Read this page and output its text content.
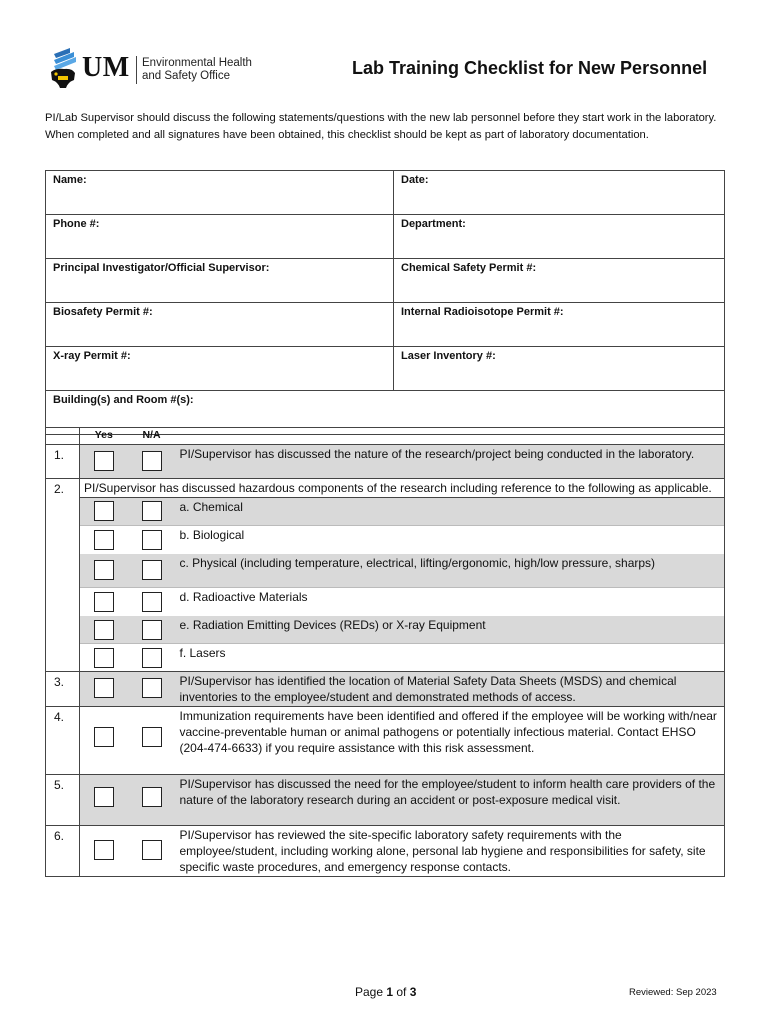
UM Environmental Health
and Safety Office	Lab Training Checklist for New Personnel
PI/Lab Supervisor should discuss the following statements/questions with the new lab personnel before they start work in the laboratory. When completed and all signatures have been obtained, this checklist should be kept as part of laboratory documentation.
Name:	Date:
Phone #:	Department:
Principal Investigator/Official Supervisor:	Chemical Safety Permit #:
Biosafety Permit #:	Internal Radioisotope Permit #:
X-ray Permit #:	Laser Inventory #:
Building(s) and Room #(s):	
	Yes	N/A	
1.			PI/Supervisor has discussed the nature of the research/project being conducted in the laboratory.
2.	PI/Supervisor has discussed hazardous components of the research including reference to the following as applicable.		

	a. Chemical

	b. Biological

	c. Physical (including temperature, electrical, lifting/ergonomic, high/low pressure, sharps)

	d. Radioactive Materials

	e. Radiation Emitting Devices (REDs) or X-ray Equipment

	f. Lasers
3.			PI/Supervisor has identified the location of Material Safety Data Sheets (MSDS) and chemical inventories to the employee/student and demonstrated methods of access.
4.			Immunization requirements have been identified and offered if the employee will be working with/near vaccine-preventable human or animal pathogens or potentially infectious material. Contact EHSO (204-474-6633) if you require assistance with this risk assessment.
5.			PI/Supervisor has discussed the need for the employee/student to inform health care providers of the nature of the laboratory research during an accident or post-exposure medical visit.
6.			PI/Supervisor has reviewed the site-specific laboratory safety requirements with the employee/student, including working alone, personal lab hygiene and responsibilities for safety, site specific waste procedures, and emergency response contacts.
Page 1 of 3	Reviewed: Sep 2023
